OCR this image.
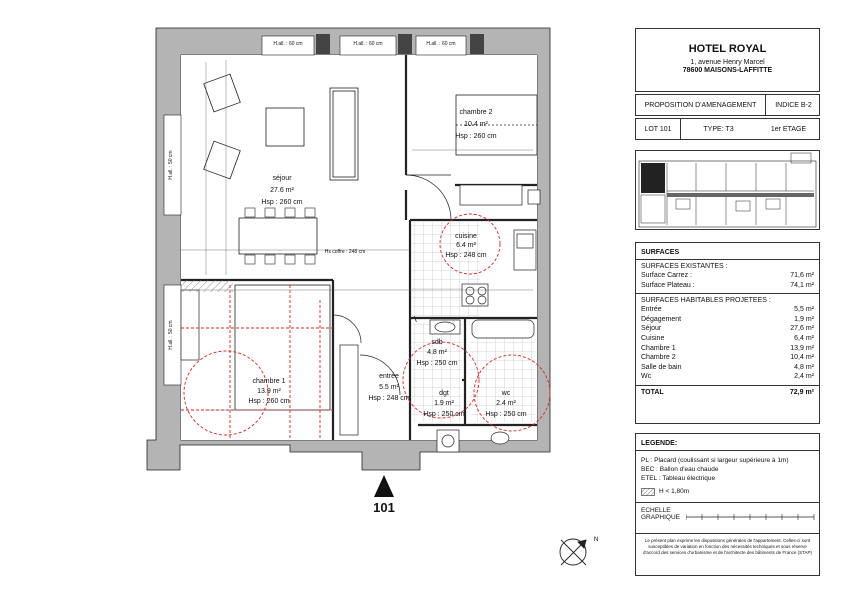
séjour
27.6 m²
Hsp : 260 cm
chambre 2
10.4 m²
Hsp : 260 cm
cuisine
6.4 m²
Hsp : 248 cm
chambre 1
13.9 m²
Hsp : 260 cm
entrée
5.5 m²
Hsp : 248 cm
sdb
4.8 m²
Hsp : 250 cm
dgt
1.9 m²
Hsp : 250 cm
wc
2.4 m²
Hsp : 250 cm
H.all. : 60 cm	H.all. : 60 cm	H.all. : 60 cm
H.all. : 50 cm
H.all. : 50 cm
Hs coffre : 248 cm
N
101
HOTEL ROYAL
1, avenue Henry Marcel
78600 MAISONS-LAFFITTE
PROPOSITION D'AMENAGEMENT	INDICE B-2
LOT 101	TYPE: T3	1er ETAGE
SURFACES
SURFACES EXISTANTES :
Surface Carrez :	71,6 m²
Surface Plateau :	74,1 m²
SURFACES HABITABLES PROJETEES :
Entrée	5,5 m²
Dégagement	1,9 m²
Séjour	27,6 m²
Cuisine	6,4 m²
Chambre 1	13,9 m²
Chambre 2	10,4 m²
Salle de bain	4,8 m²
Wc	2,4 m²
TOTAL	72,9 m²
LEGENDE:
PL : Placard (coulissant si largeur supérieure à 1m)
BEC : Ballon d'eau chaude
ETEL : Tableau électrique
H < 1,80m
ECHELLE
GRAPHIQUE
Le présent plan exprime les dispositions générales de l'appartement. Celles-ci sont susceptibles de variation en fonction des nécessités techniques et sous réserve d'accord des services d'urbanisme et de l'architecte des bâtiments de France (STAP)
